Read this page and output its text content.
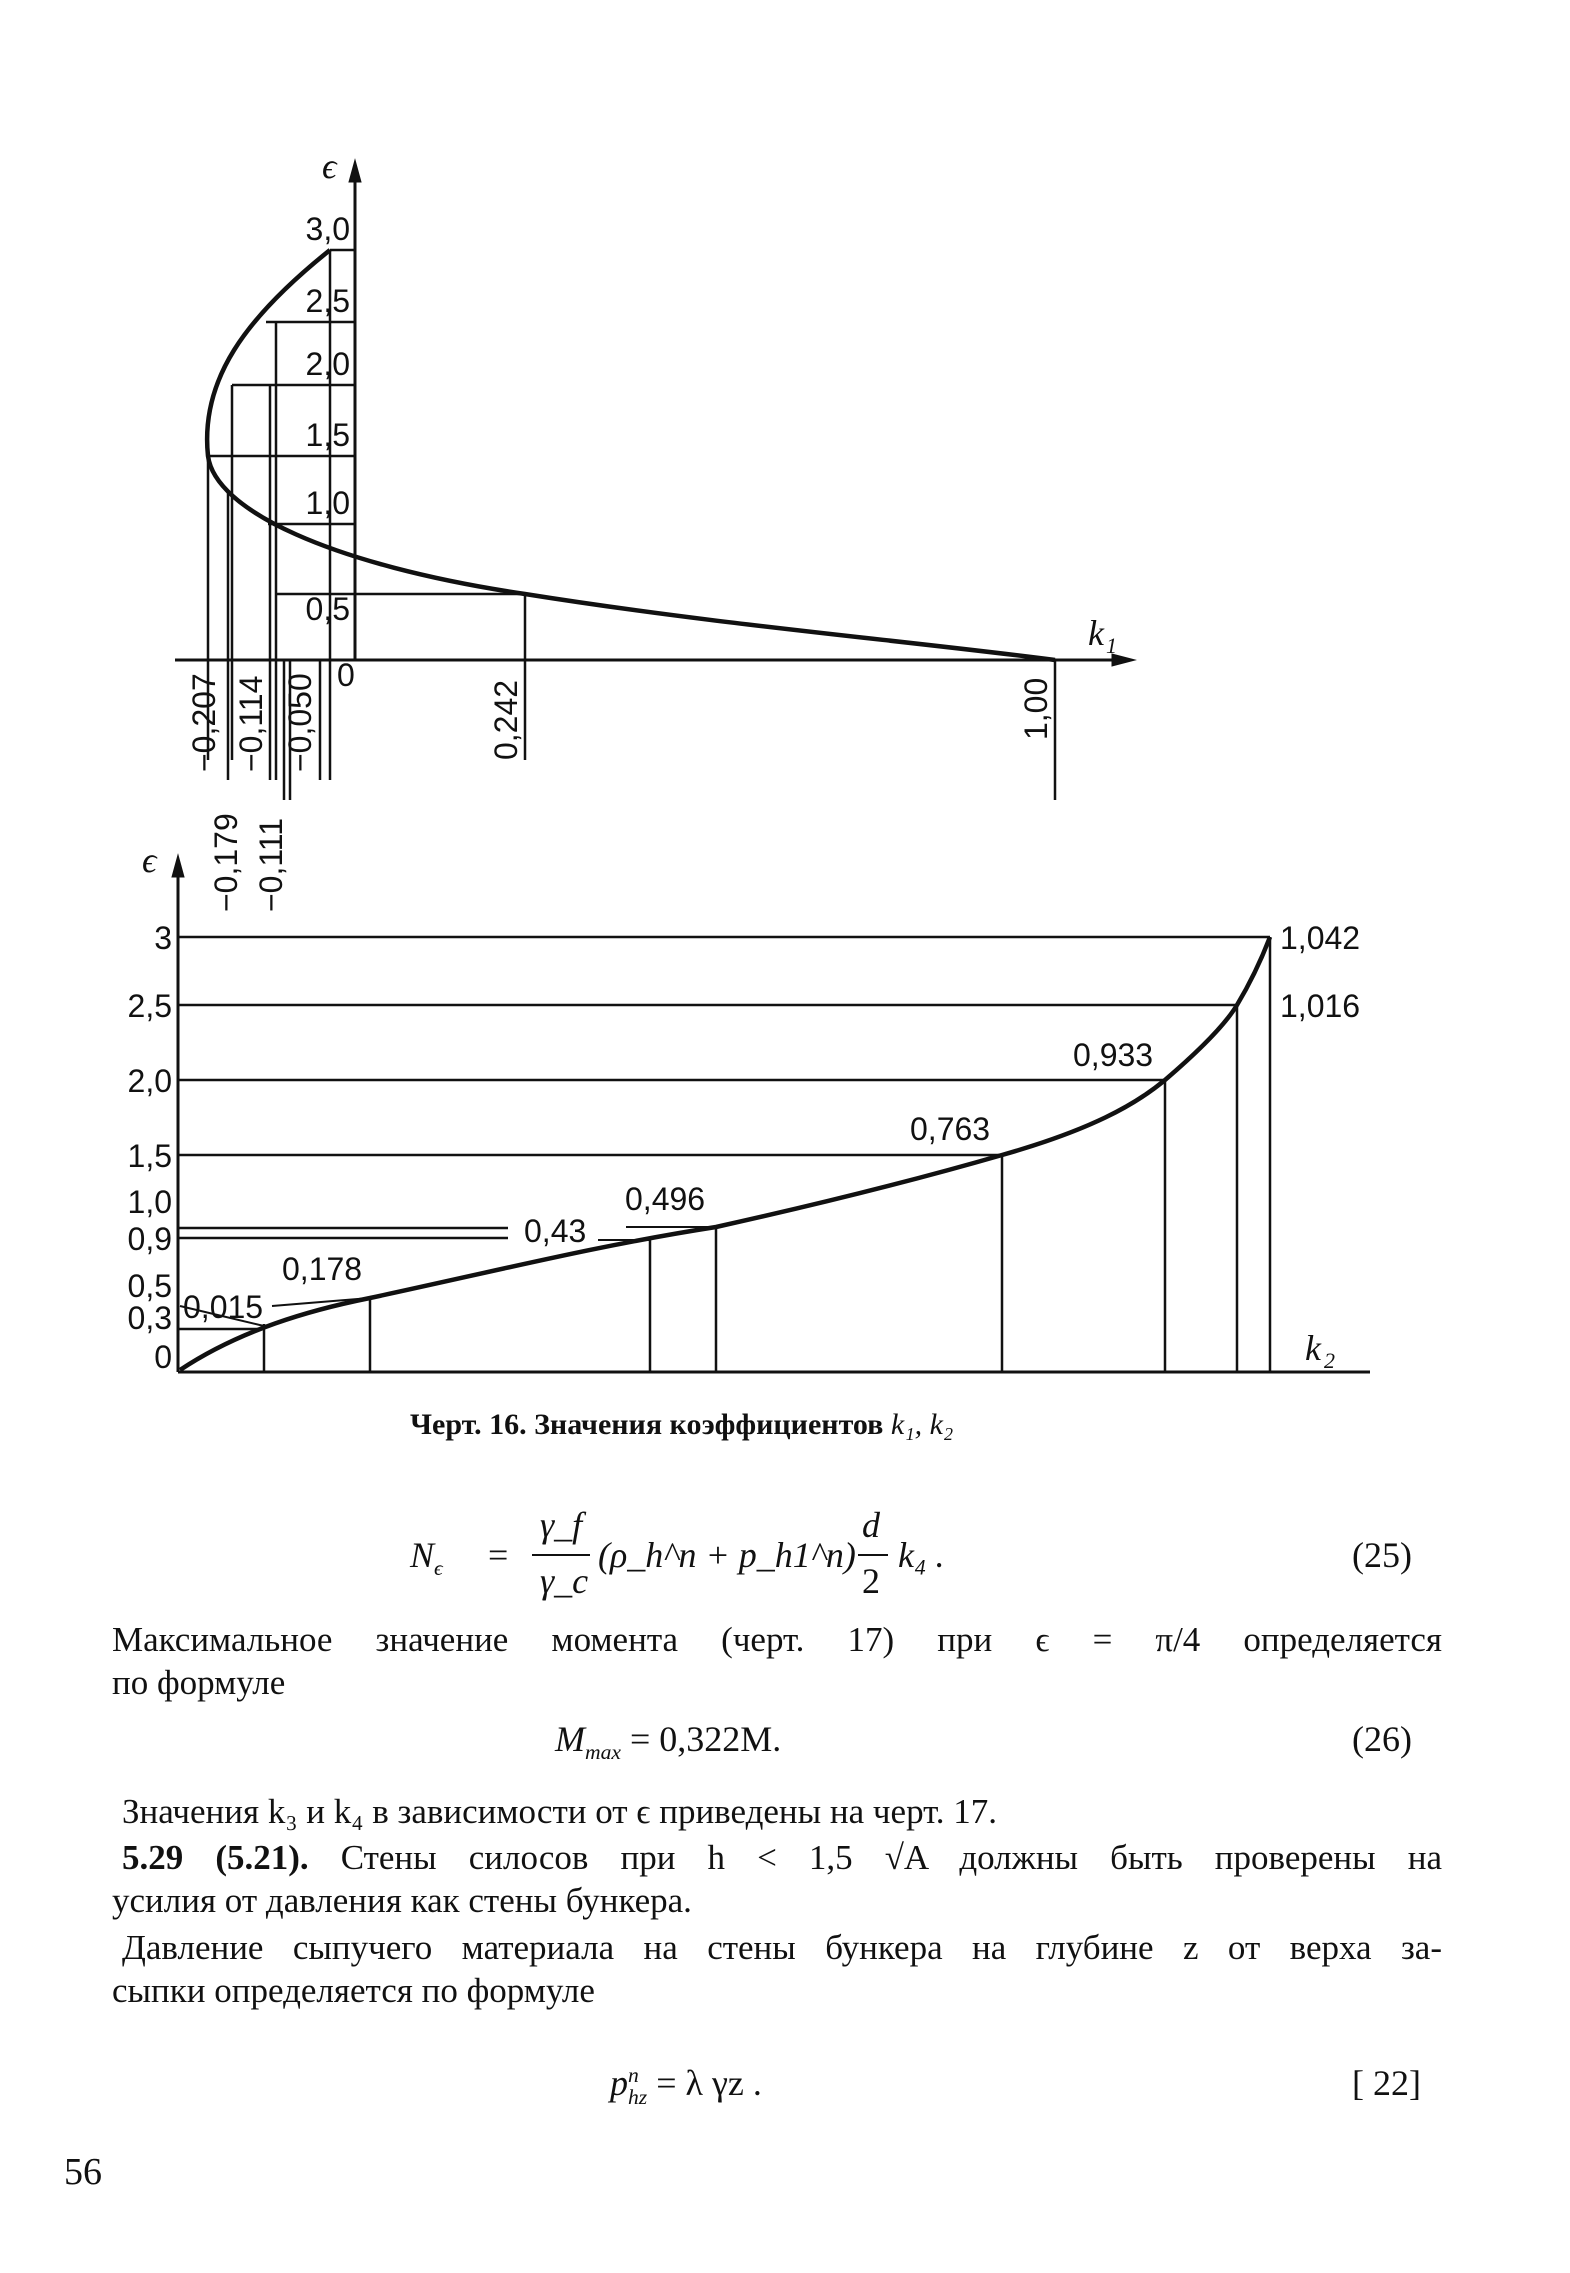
ϵ
k 1
3,0
2,5
2,0
1,5
1,0
0,5
−0,207 −0,114 −0,050 0
0,242	1,00
−0,179 −0,111
ϵ
k 2
3
2,5
2,0
1,5
1,0
0,9
0,5
0,3
0
0,015
0,178
0,43
0,496
0,763
0,933
1,016
1,042
Черт. 16. Значения коэффициентов k₁, k₂
$N_\epsilon$ =
γ_f
γ_c
(ρ_h^n + p_h1^n)
d
2
k₄ .	(25)
Максимальное значение момента (черт. 17) при ϵ = π/4 определяется
по формуле
$M_{max} = 0,322M$.	(26)
Значения k₃ и k₄ в зависимости от ϵ приведены на черт. 17.
5.29 (5.21). Стены силосов при h < 1,5 √A должны быть проверены на
усилия от давления как стены бункера.
Давление сыпучего материала на стены бункера на глубине z от верха за-
сыпки определяется по формуле
p n
hz = λ γz .	[ 22]
56
